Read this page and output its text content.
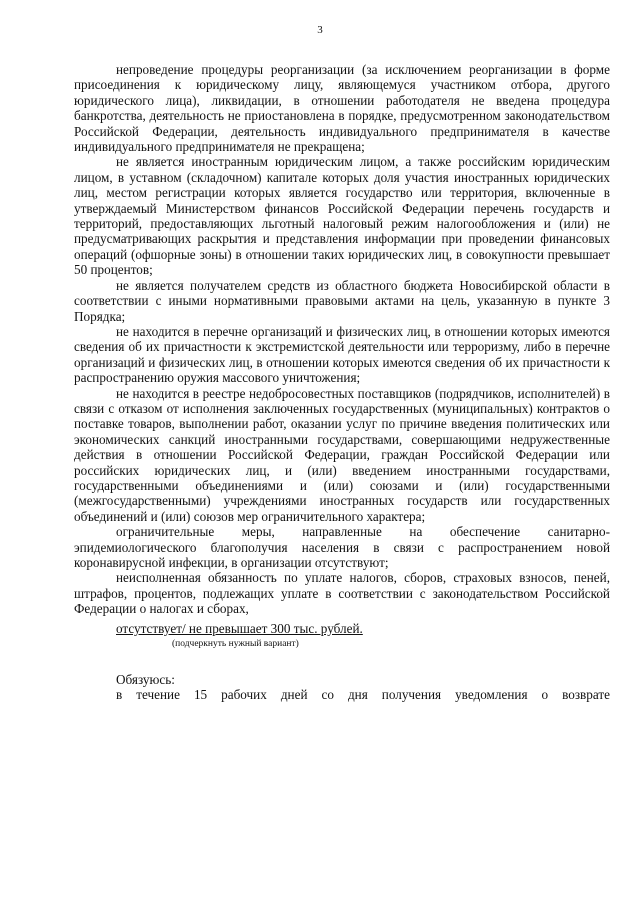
3

непроведение процедуры реорганизации (за исключением реорганизации в форме присоединения к юридическому лицу, являющемуся участником отбора, другого юридического лица), ликвидации, в отношении работодателя не введена процедура банкротства, деятельность не приостановлена в порядке, предусмотренном законодательством Российской Федерации, деятельность индивидуального предпринимателя в качестве индивидуального предпринимателя не прекращена;

не является иностранным юридическим лицом, а также российским юридическим лицом, в уставном (складочном) капитале которых доля участия иностранных юридических лиц, местом регистрации которых является государство или территория, включенные в утверждаемый Министерством финансов Российской Федерации перечень государств и территорий, предоставляющих льготный налоговый режим налогообложения и (или) не предусматривающих раскрытия и представления информации при проведении финансовых операций (офшорные зоны) в отношении таких юридических лиц, в совокупности превышает 50 процентов;

не является получателем средств из областного бюджета Новосибирской области в соответствии с иными нормативными правовыми актами на цель, указанную в пункте 3 Порядка;

не находится в перечне организаций и физических лиц, в отношении которых имеются сведения об их причастности к экстремистской деятельности или терроризму, либо в перечне организаций и физических лиц, в отношении которых имеются сведения об их причастности к распространению оружия массового уничтожения;

не находится в реестре недобросовестных поставщиков (подрядчиков, исполнителей) в связи с отказом от исполнения заключенных государственных (муниципальных) контрактов о поставке товаров, выполнении работ, оказании услуг по причине введения политических или экономических санкций иностранными государствами, совершающими недружественные действия в отношении Российской Федерации, граждан Российской Федерации или российских юридических лиц, и (или) введением иностранными государствами, государственными объединениями и (или) союзами и (или) государственными (межгосударственными) учреждениями иностранных государств или государственных объединений и (или) союзов мер ограничительного характера;

ограничительные меры, направленные на обеспечение санитарно-эпидемиологического благополучия населения в связи с распространением новой коронавирусной инфекции, в организации отсутствуют;

неисполненная обязанность по уплате налогов, сборов, страховых взносов, пеней, штрафов, процентов, подлежащих уплате в соответствии с законодательством Российской Федерации о налогах и сборах,

отсутствует/ не превышает 300 тыс. рублей.

(подчеркнуть нужный вариант)

Обязуюсь:

в течение 15 рабочих дней со дня получения уведомления о возврате
